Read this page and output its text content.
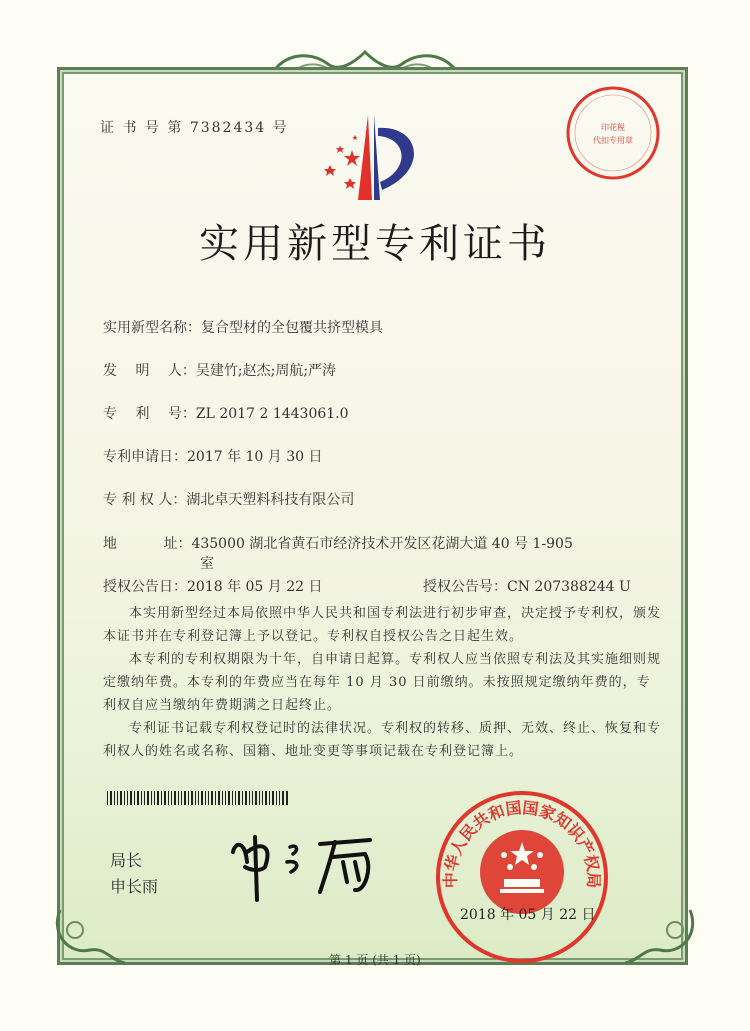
证 书 号 第 7382434 号	印花税
代扣专用章
实用新型专利证书
实用新型名称：复合型材的全包覆共挤型模具
发　 明　 人：吴建竹;赵杰;周航;严涛
专　 利　 号：ZL 2017 2 1443061.0
专利申请日：2017 年 10 月 30 日
专 利 权 人：湖北卓天塑料科技有限公司
地　　　 址：435000 湖北省黄石市经济技术开发区花湖大道 40 号 1-905
室
授权公告日：2018 年 05 月 22 日	授权公告号：CN 207388244 U

本实用新型经过本局依照中华人民共和国专利法进行初步审查，决定授予专利权，颁发本证书并在专利登记簿上予以登记。专利权自授权公告之日起生效。

本专利的专利权期限为十年，自申请日起算。专利权人应当依照专利法及其实施细则规定缴纳年费。本专利的年费应当在每年 10 月 30 日前缴纳。未按照规定缴纳年费的，专利权自应当缴纳年费期满之日起终止。

专利证书记载专利权登记时的法律状况。专利权的转移、质押、无效、终止、恢复和专利权人的姓名或名称、国籍、地址变更等事项记载在专利登记簿上。

局长
申长雨	中华人民共和国国家知识产权局
2018 年 05 月 22 日
第 1 页 (共 1 页)
